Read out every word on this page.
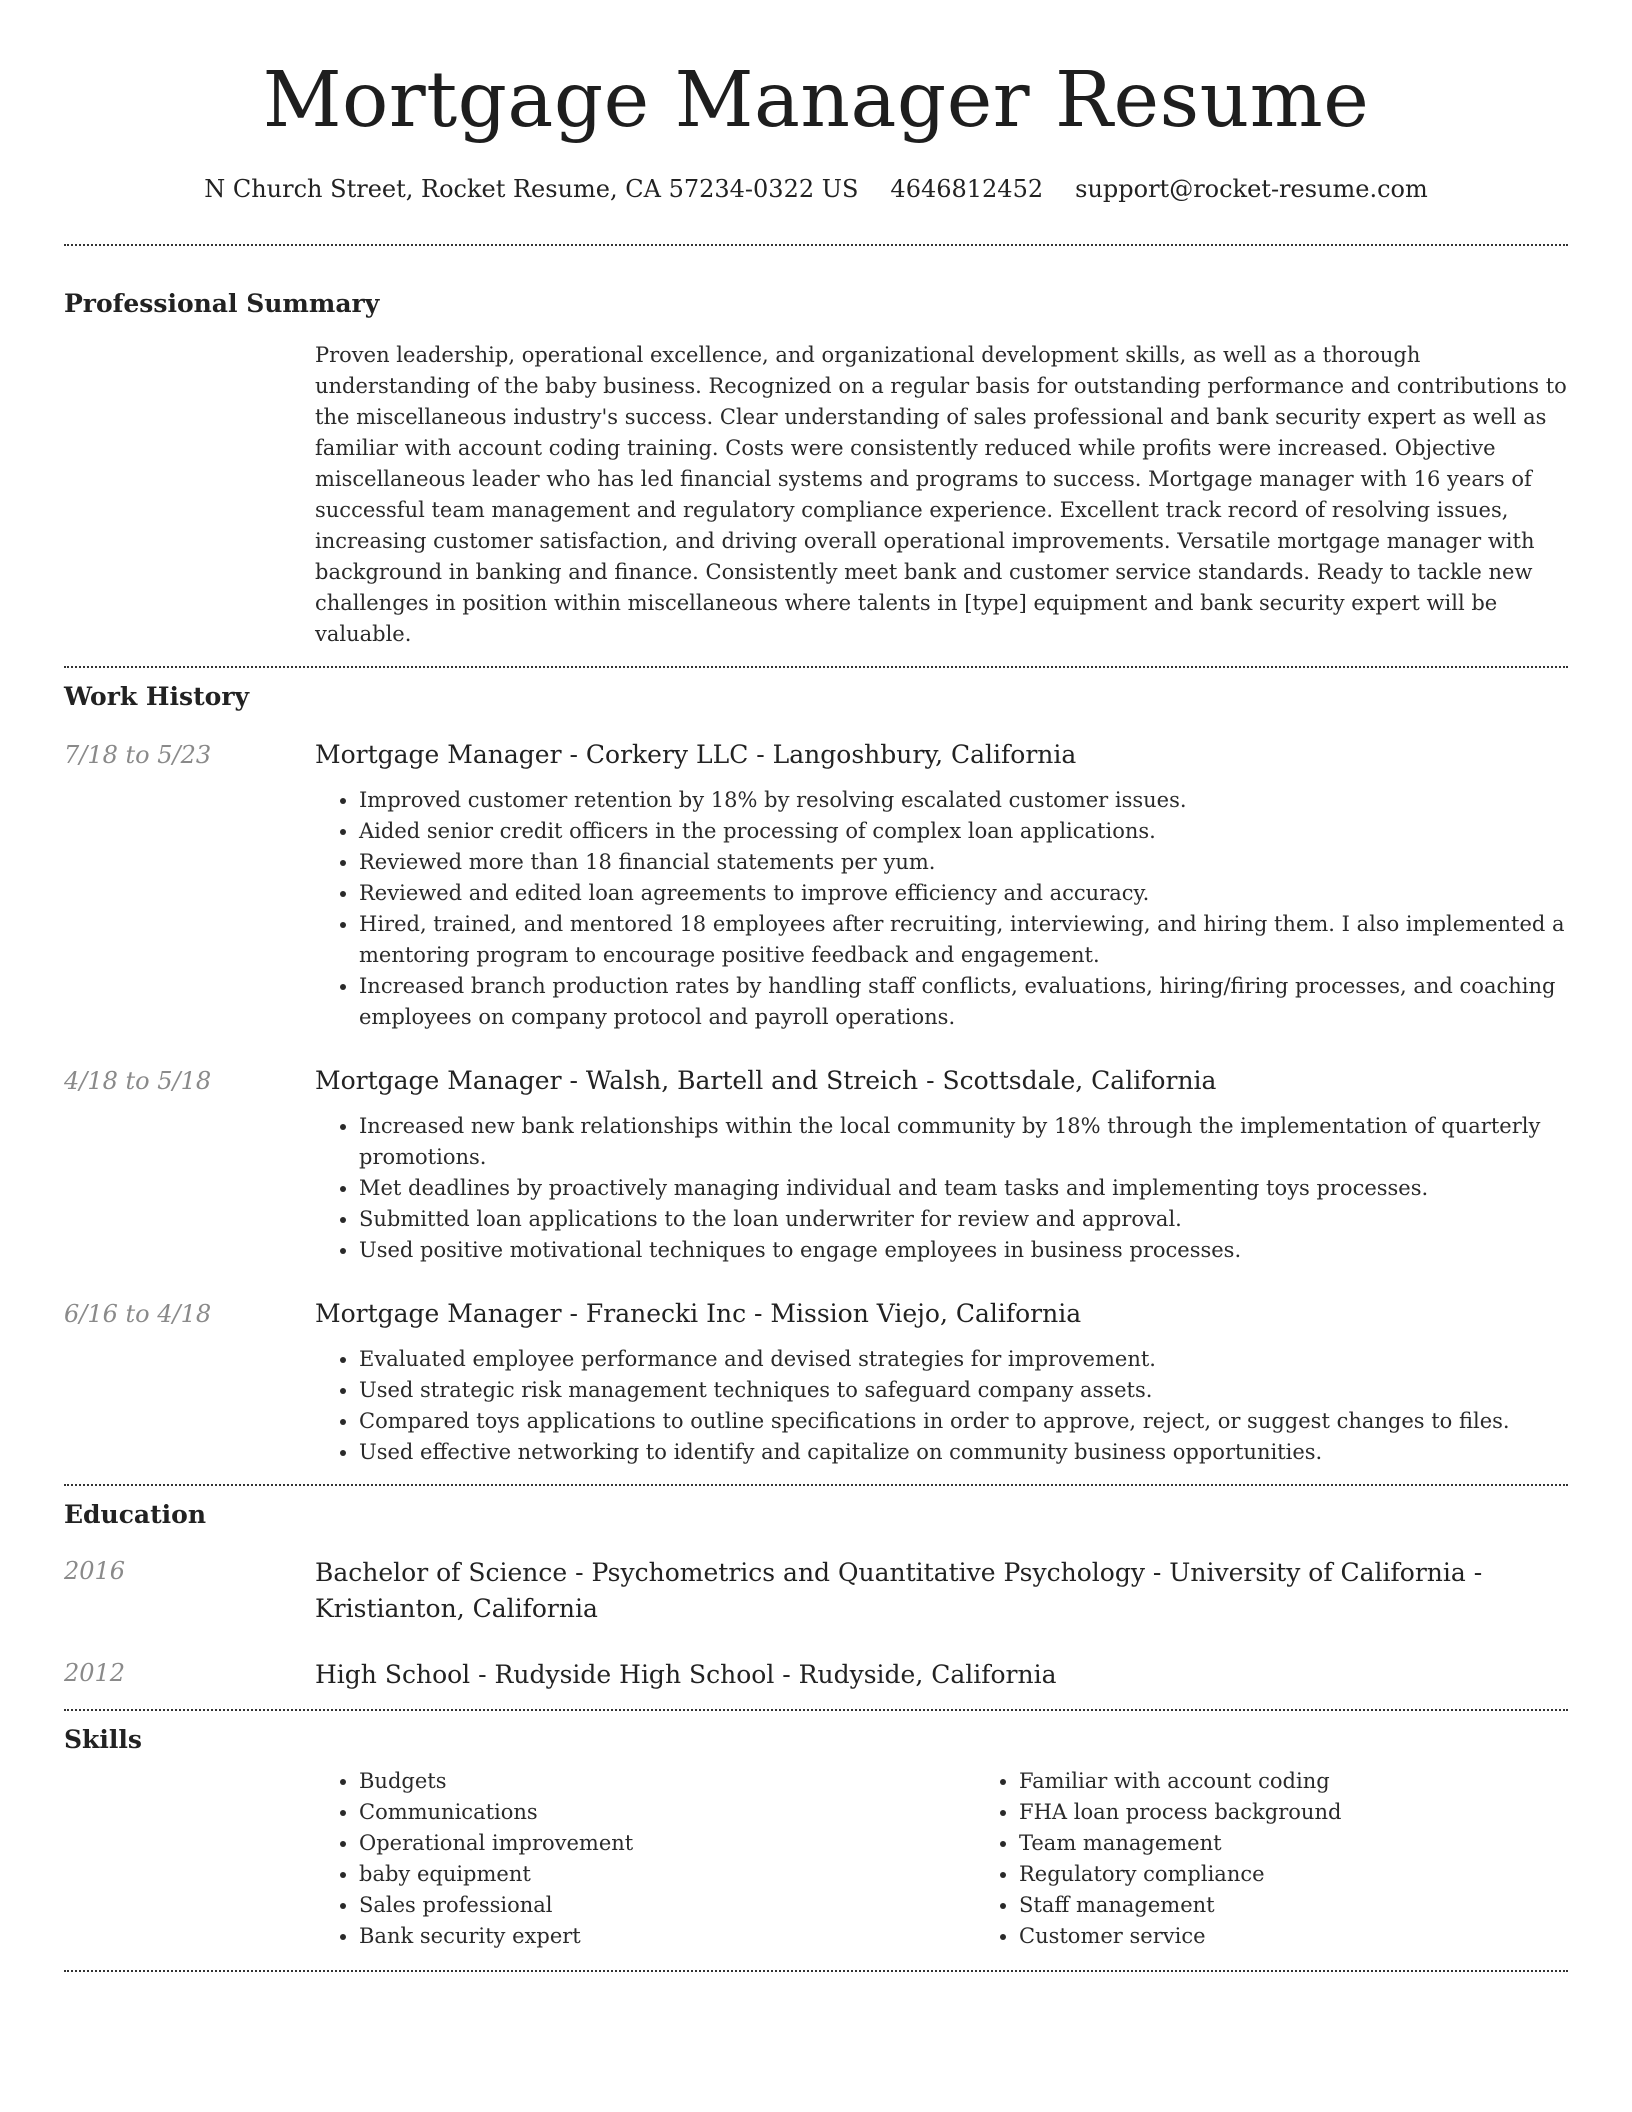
Mortgage Manager Resume
N Church Street, Rocket Resume, CA 57234-0322 US 4646812452 support@rocket-resume.com
Professional Summary

Proven leadership, operational excellence, and organizational development skills, as well as a thorough understanding of the baby business. Recognized on a regular basis for outstanding performance and contributions to the miscellaneous industry's success. Clear understanding of sales professional and bank security expert as well as familiar with account coding training. Costs were consistently reduced while profits were increased. Objective miscellaneous leader who has led financial systems and programs to success. Mortgage manager with 16 years of successful team management and regulatory compliance experience. Excellent track record of resolving issues, increasing customer satisfaction, and driving overall operational improvements. Versatile mortgage manager with background in banking and finance. Consistently meet bank and customer service standards. Ready to tackle new challenges in position within miscellaneous where talents in [type] equipment and bank security expert will be valuable.

Work History
7/18 to 5/23	Mortgage Manager - Corkery LLC - Langoshbury, California

• Improved customer retention by 18% by resolving escalated customer issues.
• Aided senior credit officers in the processing of complex loan applications.
• Reviewed more than 18 financial statements per yum.
• Reviewed and edited loan agreements to improve efficiency and accuracy.
• Hired, trained, and mentored 18 employees after recruiting, interviewing, and hiring them. I also implemented a mentoring program to encourage positive feedback and engagement.
• Increased branch production rates by handling staff conflicts, evaluations, hiring/firing processes, and coaching employees on company protocol and payroll operations.
4/18 to 5/18	Mortgage Manager - Walsh, Bartell and Streich - Scottsdale, California

• Increased new bank relationships within the local community by 18% through the implementation of quarterly promotions.
• Met deadlines by proactively managing individual and team tasks and implementing toys processes.
• Submitted loan applications to the loan underwriter for review and approval.
• Used positive motivational techniques to engage employees in business processes.
6/16 to 4/18	Mortgage Manager - Franecki Inc - Mission Viejo, California

• Evaluated employee performance and devised strategies for improvement.
• Used strategic risk management techniques to safeguard company assets.
• Compared toys applications to outline specifications in order to approve, reject, or suggest changes to files.
• Used effective networking to identify and capitalize on community business opportunities.
Education
2016	Bachelor of Science - Psychometrics and Quantitative Psychology - University of California - Kristianton, California

2012	High School - Rudyside High School - Rudyside, California

Skills
• Budgets
• Communications
• Operational improvement
• baby equipment
• Sales professional
• Bank security expert
• Familiar with account coding
• FHA loan process background
• Team management
• Regulatory compliance
• Staff management
• Customer service
